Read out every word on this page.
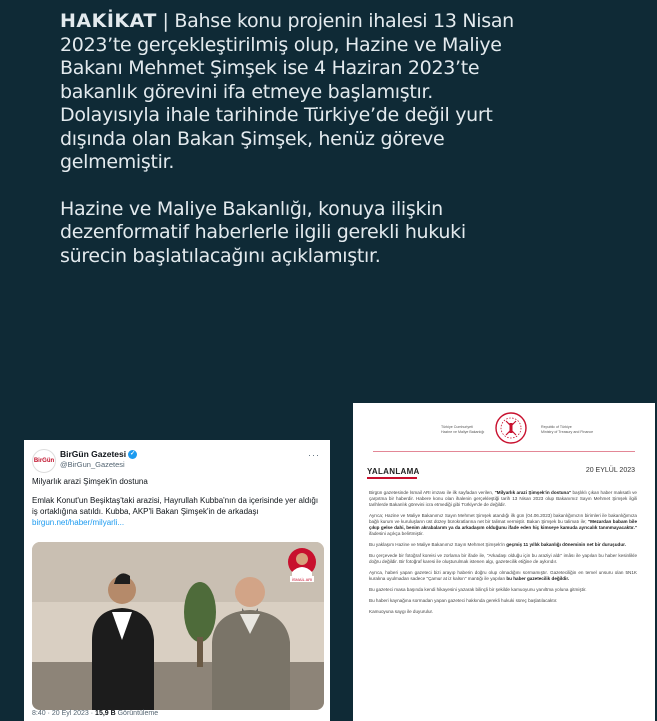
HAKİKAT | Bahse konu projenin ihalesi 13 Nisan 2023’te gerçekleştirilmiş olup, Hazine ve Maliye Bakanı Mehmet Şimşek ise 4 Haziran 2023’te bakanlık görevini ifa etmeye başlamıştır. Dolayısıyla ihale tarihinde Türkiye’de değil yurt dışında olan Bakan Şimşek, henüz göreve gelmemiştir.

Hazine ve Maliye Bakanlığı, konuya ilişkin dezenformatif haberlerle ilgili gerekli hukuki sürecin başlatılacağını açıklamıştır.

BirGün
BirGün Gazetesi ✓
@BirGun_Gazetesi
···

Milyarlık arazi Şimşek'in dostuna

Emlak Konut'un Beşiktaş'taki arazisi, Hayrullah Kubba'nın da içerisinde yer aldığı iş ortaklığına satıldı. Kubba, AKP'li Bakan Şimşek'in de arkadaşı

birgun.net/haber/milyarli...

İSMAİL ARI
8:40 · 20 Eyl 2023 · 15,9 B Görüntüleme
Türkiye Cumhuriyeti
Hazine ve Maliye Bakanlığı
Republic of Türkiye
Ministry of Treasury and Finance
YALANLAMA	20 EYLÜL 2023

Birgün gazetesinde İsmail ARI imzası ile ilk sayfadan verilen, "Milyarlık arazi Şimşek'in dostuna" başlıklı çıkan haber maksatlı ve çarpıtma bir haberdir. Habere konu olan ihalenin gerçekleştiği tarih 13 Nisan 2023 olup Bakanımız Sayın Mehmet Şimşek ilgili tarihlerde Bakanlık görevini icra etmediği gibi Türkiye'de de değildir.

Ayrıca; Hazine ve Maliye Bakanımız Sayın Mehmet Şimşek atandığı ilk gün (04.06.2023) bakanlığımızın birimleri ile bakanlığımıza bağlı kurum ve kuruluşların üst düzey bürokratlarına net bir talimat vermiştir. Bakan Şimşek bu talimatı ile; "Mezardan babam bile çıkıp gelse dahi, benim akrabalarım ya da arkadaşım olduğunu ifade eden hiç kimseye kamuda ayrıcalık tanınmayacaktır." ifadesini açıkça belirtmiştir.

Bu yaklaşım Hazine ve Maliye Bakanımız Sayın Mehmet Şimşek'in geçmiş 11 yıllık bakanlığı döneminin net bir duruşudur.

Bu çerçevede bir fotoğraf koreisi ve zorlama bir ifade ile, "Arkadaşı olduğu için bu araziyi aldı" imâsı ile yapılan bu haber kesinlikle doğru değildir. Bir fotoğraf karesi ile oluşturulmak istenen algı, gazetecilik etiğine de aykırıdır.

Ayrıca, haberi yapan gazeteci bizi arayıp haberin doğru olup olmadığını sormamıştır. Gazeteciliğin en temel unsuru olan 5N1K kuralına uyulmadan sadece "Çamur at iz kalsın" mantığı ile yapılan bu haber gazetecilik değildir.

Bu gazeteci masa başında kendi hikayesini yazarak bilinçli bir şekilde kamuoyunu yanıltma yoluna gitmiştir.

Bu haberi kaynağına sormadan yapan gazeteci hakkında gerekli hukuki süreç başlatılacaktır.

Kamuoyuna saygı ile duyurulur.
